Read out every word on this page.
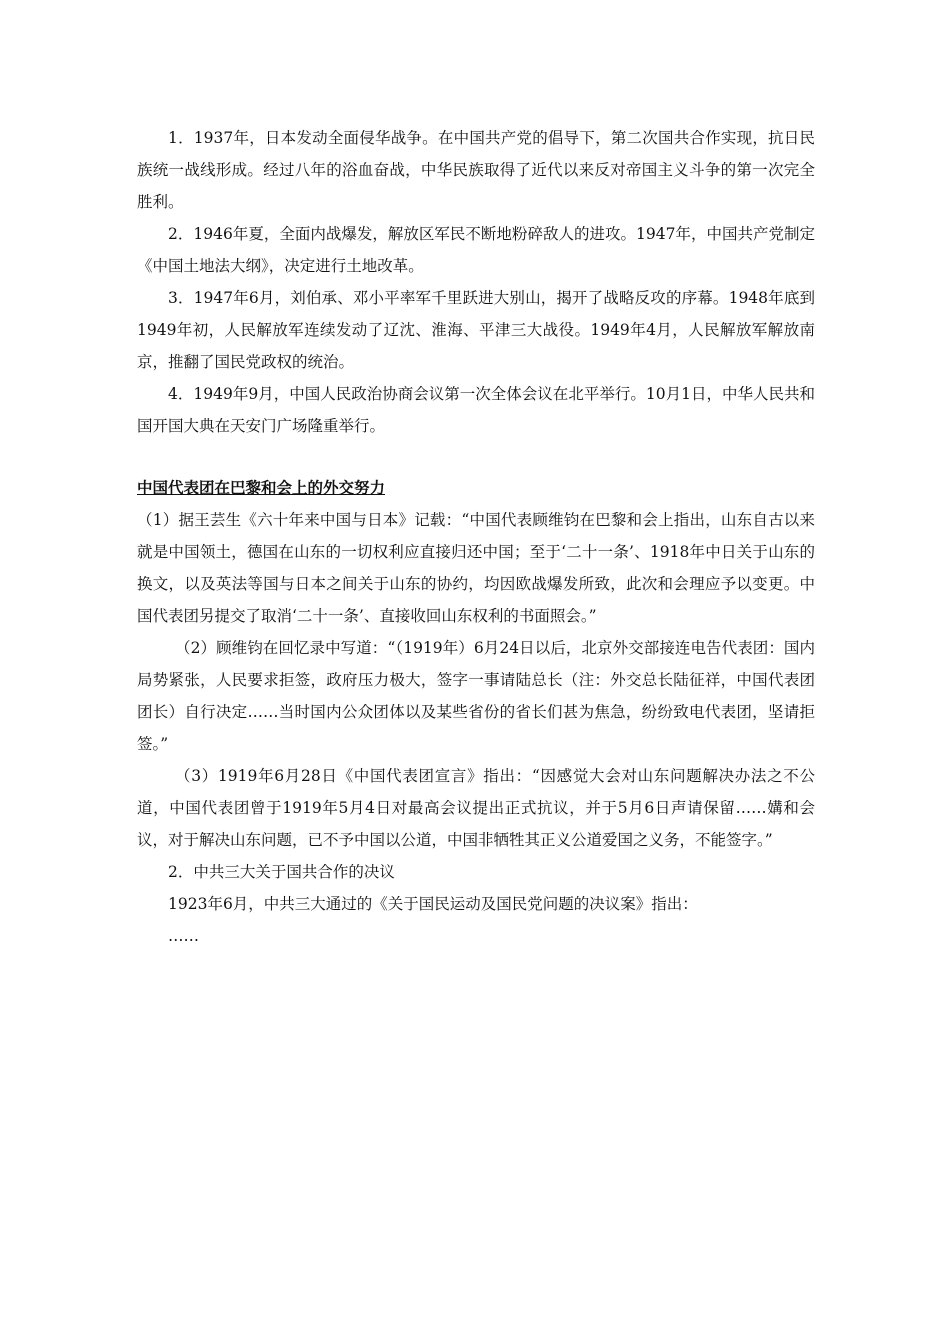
1．1937年，日本发动全面侵华战争。在中国共产党的倡导下，第二次国共合作实现，抗日民族统一战线形成。经过八年的浴血奋战，中华民族取得了近代以来反对帝国主义斗争的第一次完全胜利。

2．1946年夏，全面内战爆发，解放区军民不断地粉碎敌人的进攻。1947年，中国共产党制定《中国土地法大纲》，决定进行土地改革。

3．1947年6月，刘伯承、邓小平率军千里跃进大别山，揭开了战略反攻的序幕。1948年底到1949年初，人民解放军连续发动了辽沈、淮海、平津三大战役。1949年4月，人民解放军解放南京，推翻了国民党政权的统治。

4．1949年9月，中国人民政治协商会议第一次全体会议在北平举行。10月1日，中华人民共和国开国大典在天安门广场隆重举行。

中国代表团在巴黎和会上的外交努力

（1）据王芸生《六十年来中国与日本》记载：“中国代表顾维钧在巴黎和会上指出，山东自古以来就是中国领土，德国在山东的一切权利应直接归还中国；至于‘二十一条’、1918年中日关于山东的换文，以及英法等国与日本之间关于山东的协约，均因欧战爆发所致，此次和会理应予以变更。中国代表团另提交了取消‘二十一条’、直接收回山东权利的书面照会。”

（2）顾维钧在回忆录中写道：“（1919年）6月24日以后，北京外交部接连电告代表团：国内局势紧张，人民要求拒签，政府压力极大，签字一事请陆总长（注：外交总长陆征祥，中国代表团团长）自行决定……当时国内公众团体以及某些省份的省长们甚为焦急，纷纷致电代表团，坚请拒签。”

（3）1919年6月28日《中国代表团宣言》指出：“因感觉大会对山东问题解决办法之不公道，中国代表团曾于1919年5月4日对最高会议提出正式抗议，并于5月6日声请保留……媾和会议，对于解决山东问题，已不予中国以公道，中国非牺牲其正义公道爱国之义务，不能签字。”

2．中共三大关于国共合作的决议

1923年6月，中共三大通过的《关于国民运动及国民党问题的决议案》指出：

……
